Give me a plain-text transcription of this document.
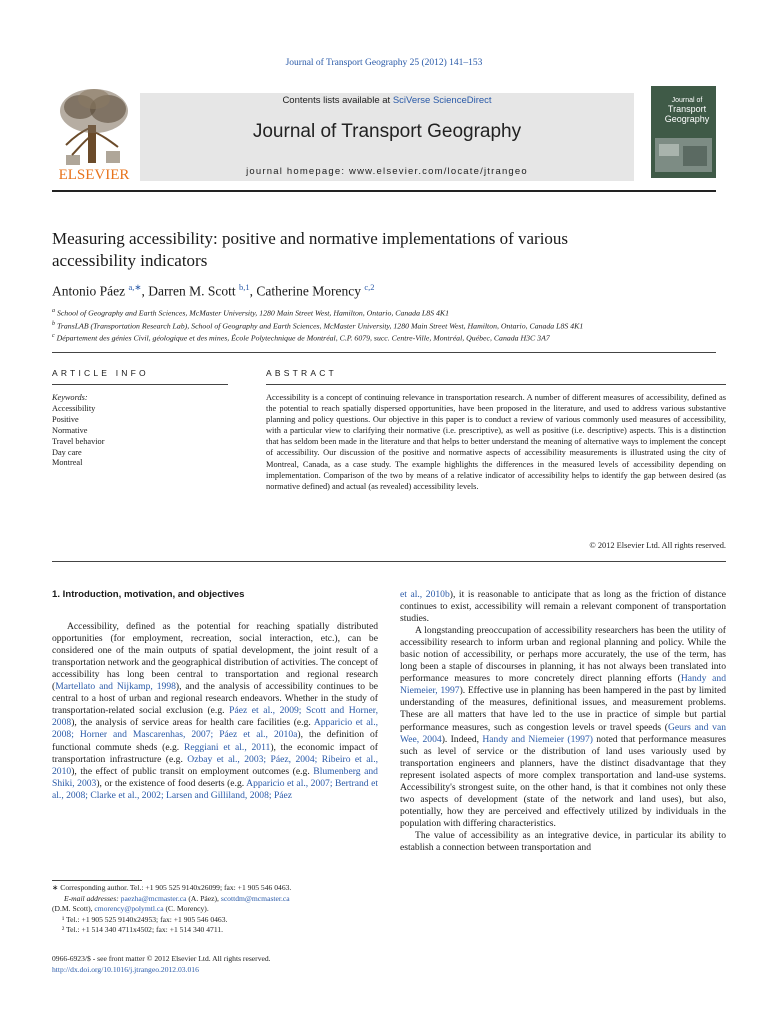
Journal of Transport Geography 25 (2012) 141–153
ELSEVIER
Contents lists available at SciVerse ScienceDirect
Journal of Transport Geography
journal homepage: www.elsevier.com/locate/jtrangeo
Journal of
Transport
Geography
Measuring accessibility: positive and normative implementations of various
accessibility indicators
Antonio Páez $^{a,∗}$, Darren M. Scott $^{b,1}$, Catherine Morency $^{c,2}$

$^a$ School of Geography and Earth Sciences, McMaster University, 1280 Main Street West, Hamilton, Ontario, Canada L8S 4K1

$^b$ TransLAB (Transportation Research Lab), School of Geography and Earth Sciences, McMaster University, 1280 Main Street West, Hamilton, Ontario, Canada L8S 4K1

$^c$ Département des génies Civil, géologique et des mines, École Polytechnique de Montréal, C.P. 6079, succ. Centre-Ville, Montréal, Québec, Canada H3C 3A7

ARTICLE INFO	ABSTRACT
Keywords:
Accessibility
Positive
Normative
Travel behavior
Day care
Montreal
Accessibility is a concept of continuing relevance in transportation research. A number of different measures of accessibility, defined as the potential to reach spatially dispersed opportunities, have been proposed in the literature, and used to address various substantive planning and policy questions. Our objective in this paper is to conduct a review of various commonly used measures of accessibility, with a particular view to clarifying their normative (i.e. prescriptive), as well as positive (i.e. descriptive) aspects. This is a distinction that has seldom been made in the literature and that helps to better understand the meaning of alternative ways to implement the concept of accessibility. Our discussion of the positive and normative aspects of accessibility measurements is illustrated using the city of Montreal, Canada, as a case study. The example highlights the differences in the measured levels of accessibility depending on implementation. Comparison of the two by means of a relative indicator of accessibility helps to identify the gap between desired (as normative defined) and actual (as revealed) accessibility levels.
© 2012 Elsevier Ltd. All rights reserved.
1. Introduction, motivation, and objectives

Accessibility, defined as the potential for reaching spatially distributed opportunities (for employment, recreation, social interaction, etc.), can be considered one of the main outputs of spatial development, the joint result of a transportation network and the geographical distribution of activities. The concept of accessibility has long been central to transportation and regional research (Martellato and Nijkamp, 1998), and the analysis of accessibility continues to be central to a host of urban and regional research endeavors. Whether in the study of transportation-related social exclusion (e.g. Páez et al., 2009; Scott and Horner, 2008), the analysis of service areas for health care facilities (e.g. Apparicio et al., 2008; Horner and Mascarenhas, 2007; Páez et al., 2010a), the definition of functional commute sheds (e.g. Reggiani et al., 2011), the economic impact of transportation infrastructure (e.g. Ozbay et al., 2003; Páez, 2004; Ribeiro et al., 2010), the effect of public transit on employment outcomes (e.g. Blumenberg and Shiki, 2003), or the existence of food deserts (e.g. Apparicio et al., 2007; Bertrand et al., 2008; Clarke et al., 2002; Larsen and Gilliland, 2008; Páez

et al., 2010b), it is reasonable to anticipate that as long as the friction of distance continues to exist, accessibility will remain a relevant component of transportation studies.

A longstanding preoccupation of accessibility researchers has been the utility of accessibility research to inform urban and regional planning and policy. While the basic notion of accessibility, or perhaps more accurately, the use of the term, has long been a staple of discourses in planning, it has not always been translated into performance measures to more concretely direct planning efforts (Handy and Niemeier, 1997). Effective use in planning has been hampered in the past by limited understanding of the measures, definitional issues, and measurement problems. These are all matters that have led to the use in practice of simple but partial performance measures, such as congestion levels or travel speeds (Geurs and van Wee, 2004). Indeed, Handy and Niemeier (1997) noted that performance measures such as level of service or the distribution of land uses variously used by transportation engineers and planners, have the distinct disadvantage that they represent isolated aspects of more complex transportation and land-use systems. Accessibility's strongest suite, on the other hand, is that it combines not only these two aspects of development (state of the network and land uses), but also, potentially, how they are perceived and effectively utilized by individuals in the population with differing characteristics.

The value of accessibility as an integrative device, in particular its ability to establish a connection between transportation and

∗ Corresponding author. Tel.: +1 905 525 9140x26099; fax: +1 905 546 0463.

E-mail addresses: paezha@mcmaster.ca (A. Páez), scottdm@mcmaster.ca
(D.M. Scott), cmorency@polymtl.ca (C. Morency).

¹ Tel.: +1 905 525 9140x24953; fax: +1 905 546 0463.

² Tel.: +1 514 340 4711x4502; fax: +1 514 340 4711.

0966-6923/$ - see front matter © 2012 Elsevier Ltd. All rights reserved.
http://dx.doi.org/10.1016/j.jtrangeo.2012.03.016
